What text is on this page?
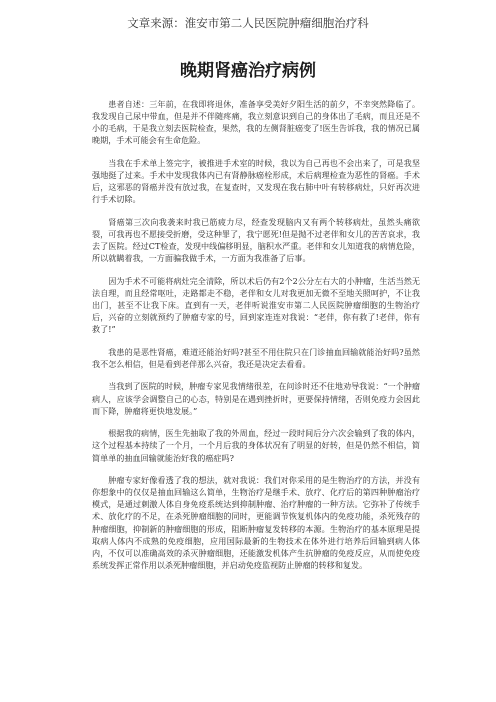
文章来源：淮安市第二人民医院肿瘤细胞治疗科
晚期肾癌治疗病例

患者自述：三年前，在我即将退休，准备享受美好夕阳生活的前夕，不幸突然降临了。我发现自己尿中带血，但是并不伴随疼痛，我立刻意识到自己的身体出了毛病，而且还是不小的毛病，于是我立刻去医院检查，果然，我的左侧肾脏癌变了!医生告诉我，我的情况已属晚期，手术可能会有生命危险。

当我在手术单上签完字，被推进手术室的时候，我以为自己再也不会出来了，可是我坚强地挺了过来。手术中发现我体内已有肾静脉癌栓形成，术后病理检查为恶性的肾癌。手术后，这邪恶的肾癌并没有放过我，在复查时，又发现在我右肺中叶有转移病灶，只好再次进行手术切除。

肾癌第三次向我袭来时我已筋疲力尽，经查发现脑内又有两个转移病灶，虽然头痛欲裂，可我再也不愿接受折磨，受这种罪了，我宁愿死!但是抛不过老伴和女儿的苦苦哀求，我去了医院。经过CT检查，发现中线偏移明显，脑积水严重。老伴和女儿知道我的病情危险，所以就瞒着我，一方面骗我做手术，一方面为我准备了后事。

因为手术不可能将病灶完全清除，所以术后仍有2个2公分左右大的小肿瘤，生活当然无法自理，而且经常呕吐，走路都走不稳，老伴和女儿对我更加无微不至地关照呵护，不让我出门，甚至不让我下床。直到有一天，老伴听说淮安市第二人民医院肿瘤细胞的生物治疗后，兴奋的立刻就预约了肿瘤专家的号，回到家连连对我说：“老伴，你有救了!老伴，你有救了!”

我患的是恶性肾癌，难道还能治好吗?甚至不用住院只在门诊抽血回输就能治好吗?虽然我不怎么相信，但是看到老伴那么兴奋，我还是决定去看看。

当我到了医院的时候，肿瘤专家见我情绪很差，在问诊时还不住地劝导我说：“一个肿瘤病人，应该学会调整自己的心态，特别是在遇到挫折时，更要保持情绪，否则免疫力会因此而下降，肿瘤将更快地发展。”

根据我的病情，医生先抽取了我的外周血，经过一段时间后分六次会输到了我的体内，这个过程基本持续了一个月，一个月后我的身体状况有了明显的好转，但是仍然不相信，简简单单的抽血回输就能治好我的癌症吗?

肿瘤专家好像看透了我的想法，就对我说：我们对你采用的是生物治疗的方法，并没有你想象中的仅仅是抽血回输这么简单，生物治疗是继手术、放疗、化疗后的第四种肿瘤治疗模式，是通过刺激人体自身免疫系统达到抑制肿瘤、治疗肿瘤的一种方法。它弥补了传统手术、放化疗的不足，在杀死肿瘤细胞的同时，更能调节恢复机体内的免疫功能，杀死残存的肿瘤细胞，抑制新的肿瘤细胞的形成，阻断肿瘤复发转移的本源。生物治疗的基本原理是提取病人体内不成熟的免疫细胞，应用国际最新的生物技术在体外进行培养后回输到病人体内，不仅可以准确高效的杀灭肿瘤细胞，还能激发机体产生抗肿瘤的免疫反应，从而使免疫系统发挥正常作用以杀死肿瘤细胞，并启动免疫监视防止肿瘤的转移和复发。
